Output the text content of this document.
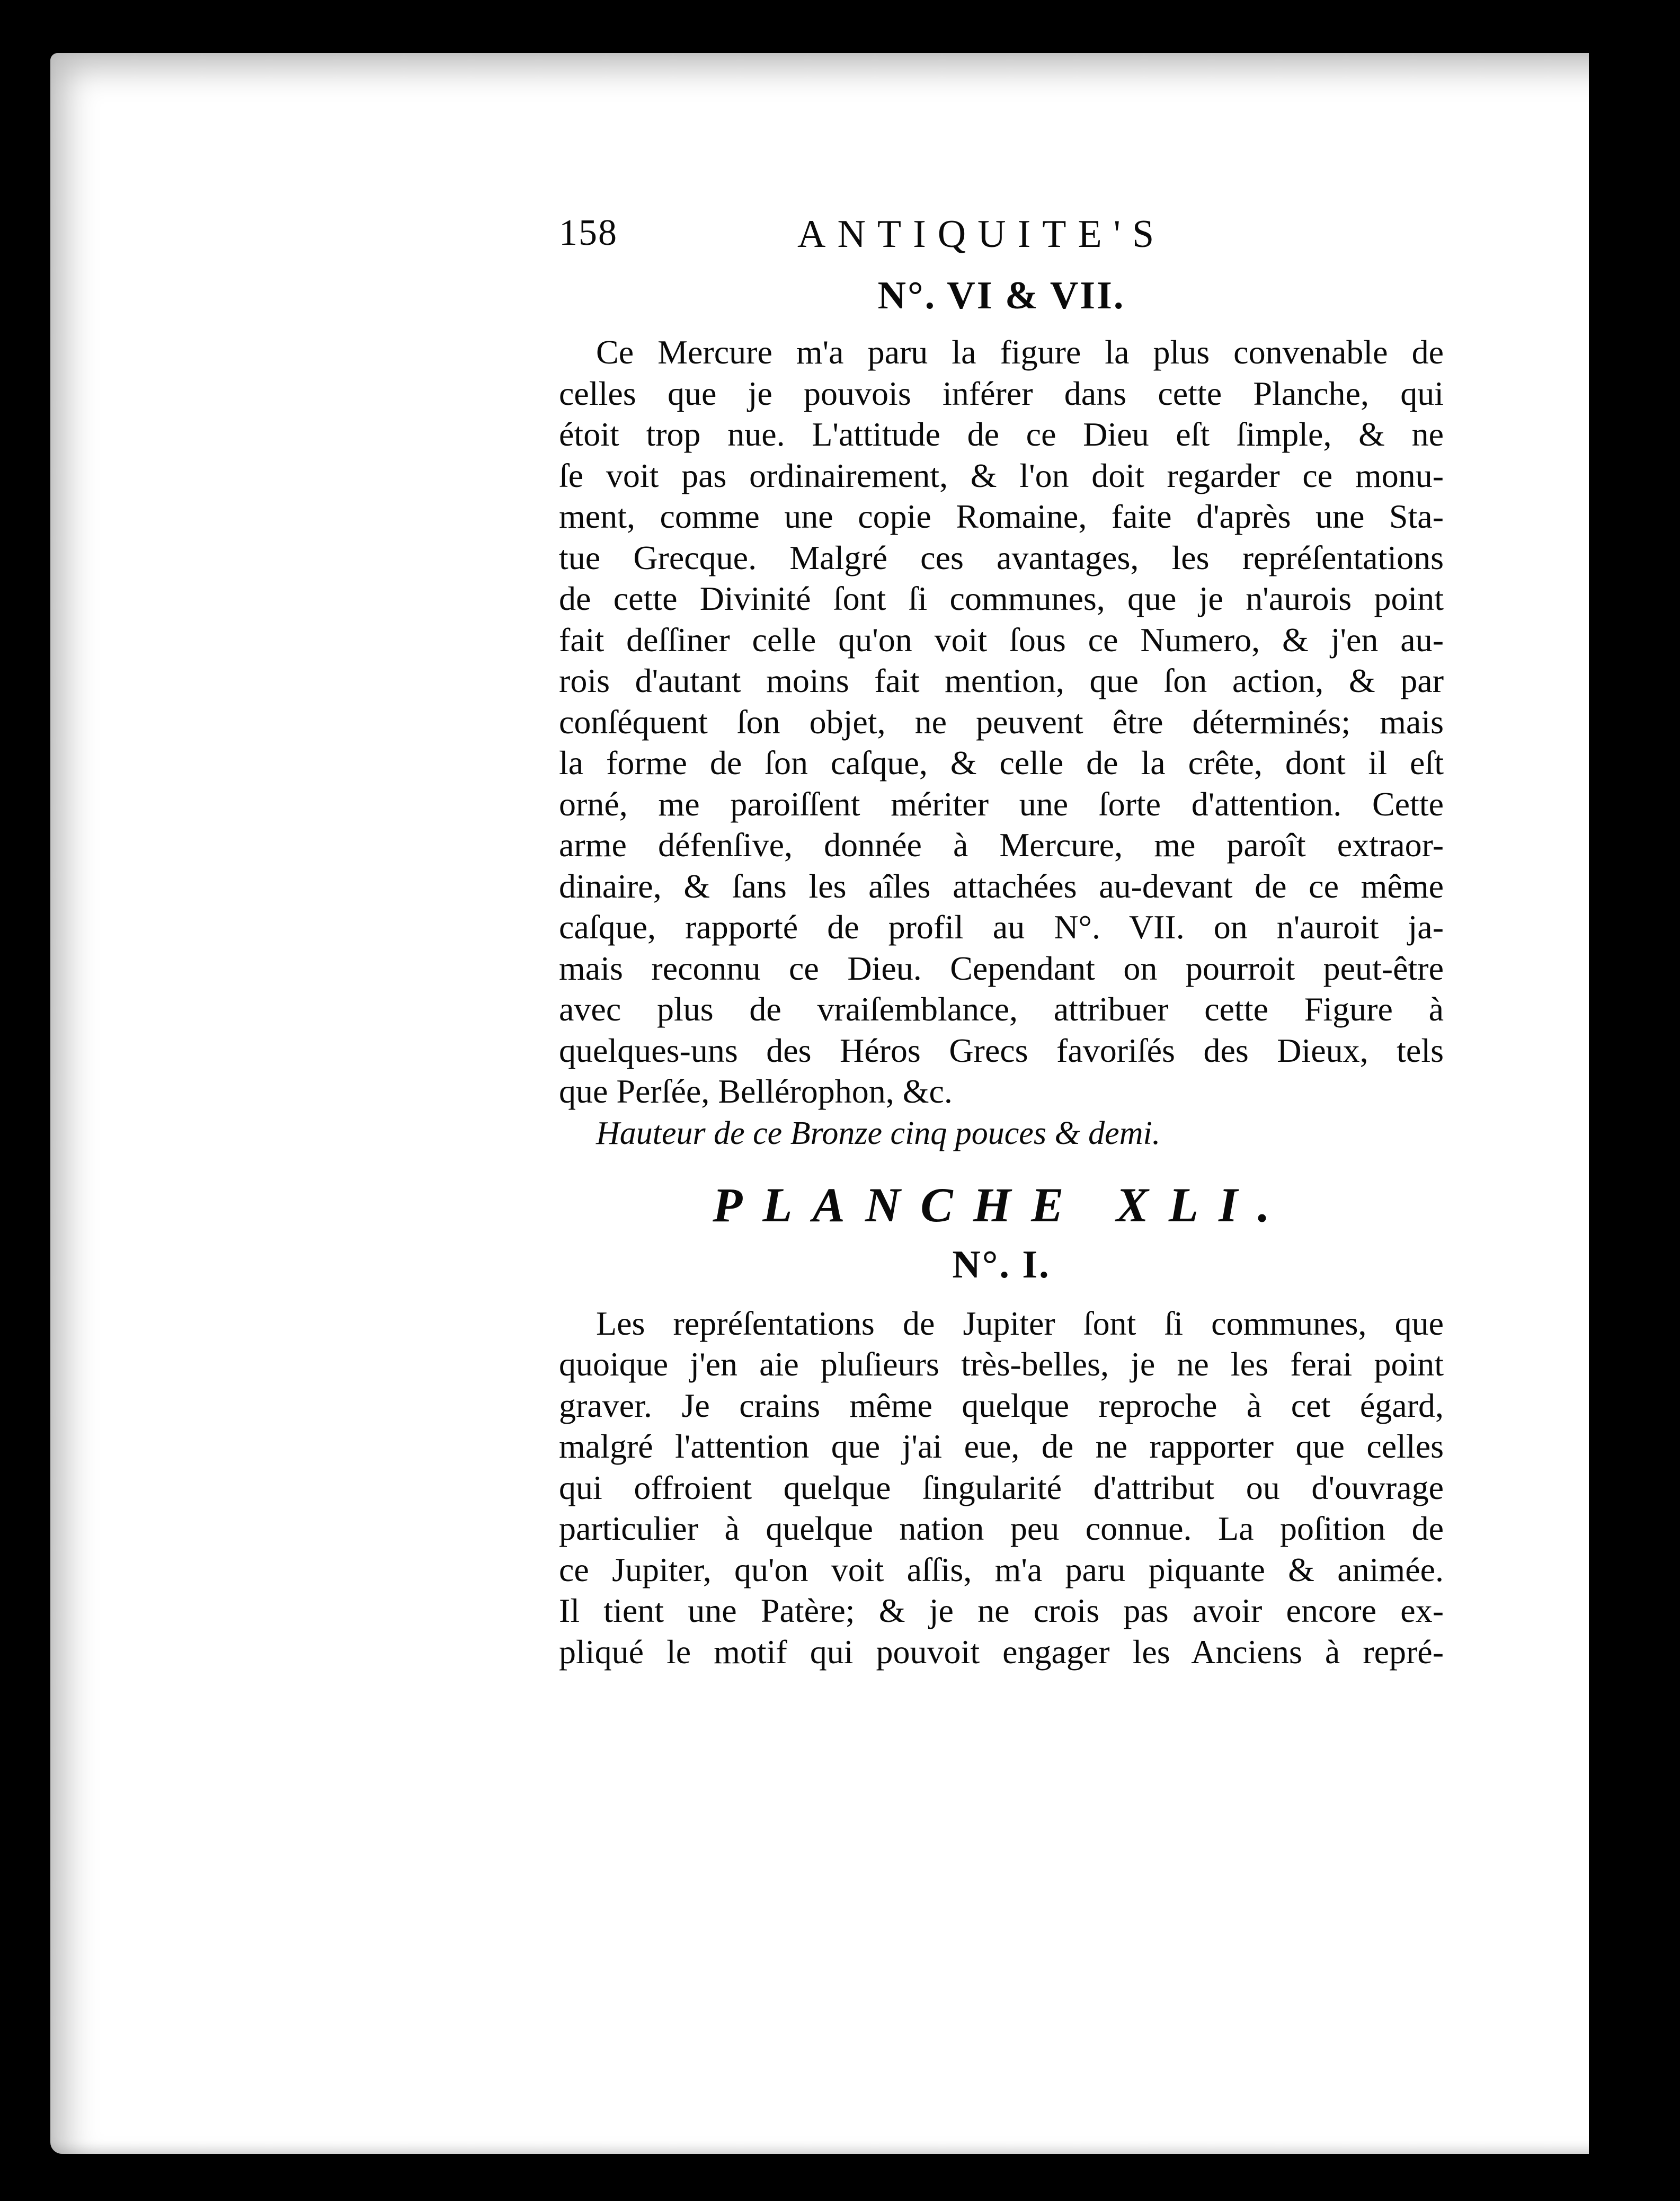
158	ANTIQUITE'S
N°. VI & VII.

Ce Mercure m'a paru la figure la plus convenable de
celles que je pouvois inférer dans cette Planche, qui
étoit trop nue. L'attitude de ce Dieu eſt ſimple, & ne
ſe voit pas ordinairement, & l'on doit regarder ce monu-
ment, comme une copie Romaine, faite d'après une Sta-
tue Grecque. Malgré ces avantages, les repréſentations
de cette Divinité ſont ſi communes, que je n'aurois point
fait deſſiner celle qu'on voit ſous ce Numero, & j'en au-
rois d'autant moins fait mention, que ſon action, & par
conſéquent ſon objet, ne peuvent être déterminés; mais
la forme de ſon caſque, & celle de la crête, dont il eſt
orné, me paroiſſent mériter une ſorte d'attention. Cette
arme défenſive, donnée à Mercure, me paroît extraor-
dinaire, & ſans les aîles attachées au-devant de ce même
caſque, rapporté de profil au N°. VII. on n'auroit ja-
mais reconnu ce Dieu. Cependant on pourroit peut-être
avec plus de vraiſemblance, attribuer cette Figure à
quelques-uns des Héros Grecs favoriſés des Dieux, tels
que Perſée, Bellérophon, &c.

Hauteur de ce Bronze cinq pouces & demi.

PLANCHE XLI.
N°. I.

Les repréſentations de Jupiter ſont ſi communes, que
quoique j'en aie pluſieurs très-belles, je ne les ferai point
graver. Je crains même quelque reproche à cet égard,
malgré l'attention que j'ai eue, de ne rapporter que celles
qui offroient quelque ſingularité d'attribut ou d'ouvrage
particulier à quelque nation peu connue. La poſition de
ce Jupiter, qu'on voit aſſis, m'a paru piquante & animée.
Il tient une Patère; & je ne crois pas avoir encore ex-
pliqué le motif qui pouvoit engager les Anciens à repré-
